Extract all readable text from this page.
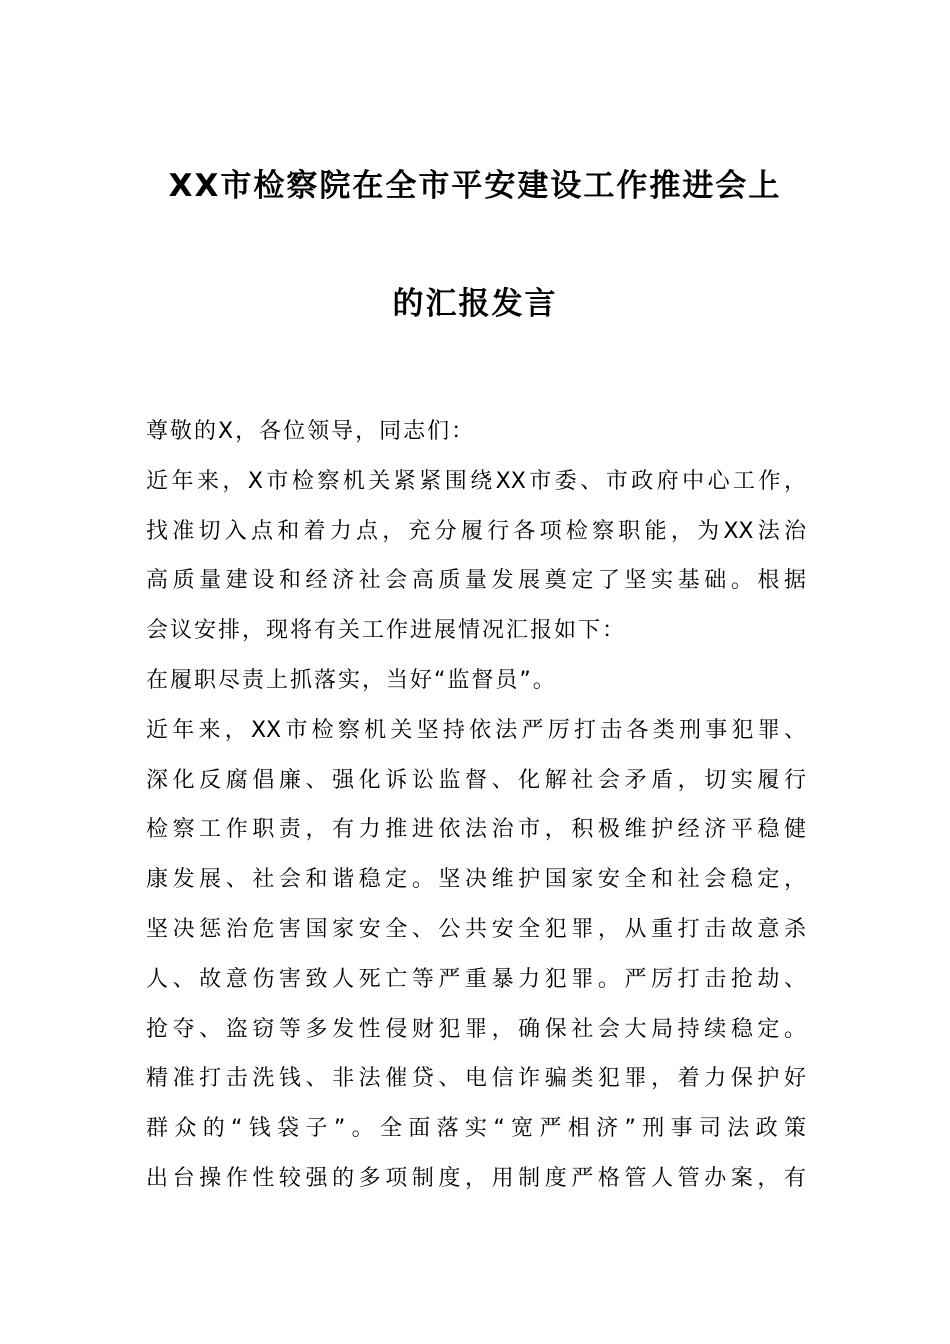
XX市检察院在全市平安建设工作推进会上
的汇报发言
尊敬的X，各位领导，同志们：
近年来，X市检察机关紧紧围绕XX市委、市政府中心工作，
找准切入点和着力点，充分履行各项检察职能，为XX法治
高质量建设和经济社会高质量发展奠定了坚实基础。根据
会议安排，现将有关工作进展情况汇报如下：
在履职尽责上抓落实，当好“监督员”。
近年来，XX市检察机关坚持依法严厉打击各类刑事犯罪、
深化反腐倡廉、强化诉讼监督、化解社会矛盾，切实履行
检察工作职责，有力推进依法治市，积极维护经济平稳健
康发展、社会和谐稳定。坚决维护国家安全和社会稳定，
坚决惩治危害国家安全、公共安全犯罪，从重打击故意杀
人、故意伤害致人死亡等严重暴力犯罪。严厉打击抢劫、
抢夺、盗窃等多发性侵财犯罪，确保社会大局持续稳定。
精准打击洗钱、非法催贷、电信诈骗类犯罪，着力保护好
群众的“钱袋子”。全面落实“宽严相济”刑事司法政策
出台操作性较强的多项制度，用制度严格管人管办案，有
